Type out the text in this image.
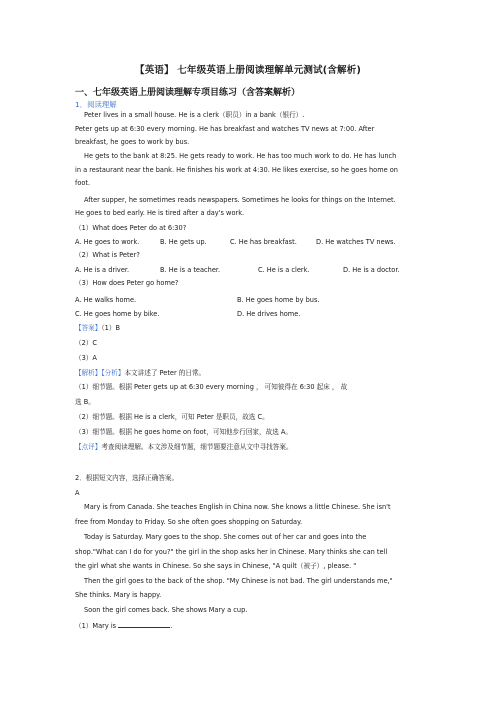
【英语】 七年级英语上册阅读理解单元测试(含解析)
一、七年级英语上册阅读理解专项目练习（含答案解析）
1．阅读理解
Peter lives in a small house. He is a clerk（职员）in a bank（银行）.
Peter gets up at 6:30 every morning. He has breakfast and watches TV news at 7:00. After
breakfast, he goes to work by bus.
He gets to the bank at 8:25. He gets ready to work. He has too much work to do. He has lunch
in a restaurant near the bank. He finishes his work at 4:30. He likes exercise, so he goes home on
foot.
After supper, he sometimes reads newspapers. Sometimes he looks for things on the Internet.
He goes to bed early. He is tired after a day's work.
（1）What does Peter do at 6:30?
A. He goes to work.	B. He gets up.	C. He has breakfast.	D. He watches TV news.
（2）What is Peter?
A. He is a driver.	B. He is a teacher.	C. He is a clerk.	D. He is a doctor.
（3）How does Peter go home?
A. He walks home.	B. He goes home by bus.
C. He goes home by bike.	D. He drives home.
【答案】（1）B
（2）C
（3）A
【解析】【分析】本文讲述了 Peter 的日常。
（1）细节题。根据 Peter gets up at 6:30 every morning ， 可知彼得在 6:30 起床 ， 故
选 B。
（2）细节题。根据 He is a clerk，可知 Peter 是职员，故选 C。
（3）细节题。根据 he goes home on foot，可知他步行回家，故选 A。
【点评】考查阅读理解。本文涉及细节题，细节题要注意从文中寻找答案。
2．根据短文内容，选择正确答案。
A
Mary is from Canada. She teaches English in China now. She knows a little Chinese. She isn't
free from Monday to Friday. So she often goes shopping on Saturday.
Today is Saturday. Mary goes to the shop. She comes out of her car and goes into the
shop."What can I do for you?" the girl in the shop asks her in Chinese. Mary thinks she can tell
the girl what she wants in Chinese. So she says in Chinese, "A quilt（被子）, please. "
Then the girl goes to the back of the shop. "My Chinese is not bad. The girl understands me,"
She thinks. Mary is happy.
Soon the girl comes back. She shows Mary a cup.
（1）Mary is	.
